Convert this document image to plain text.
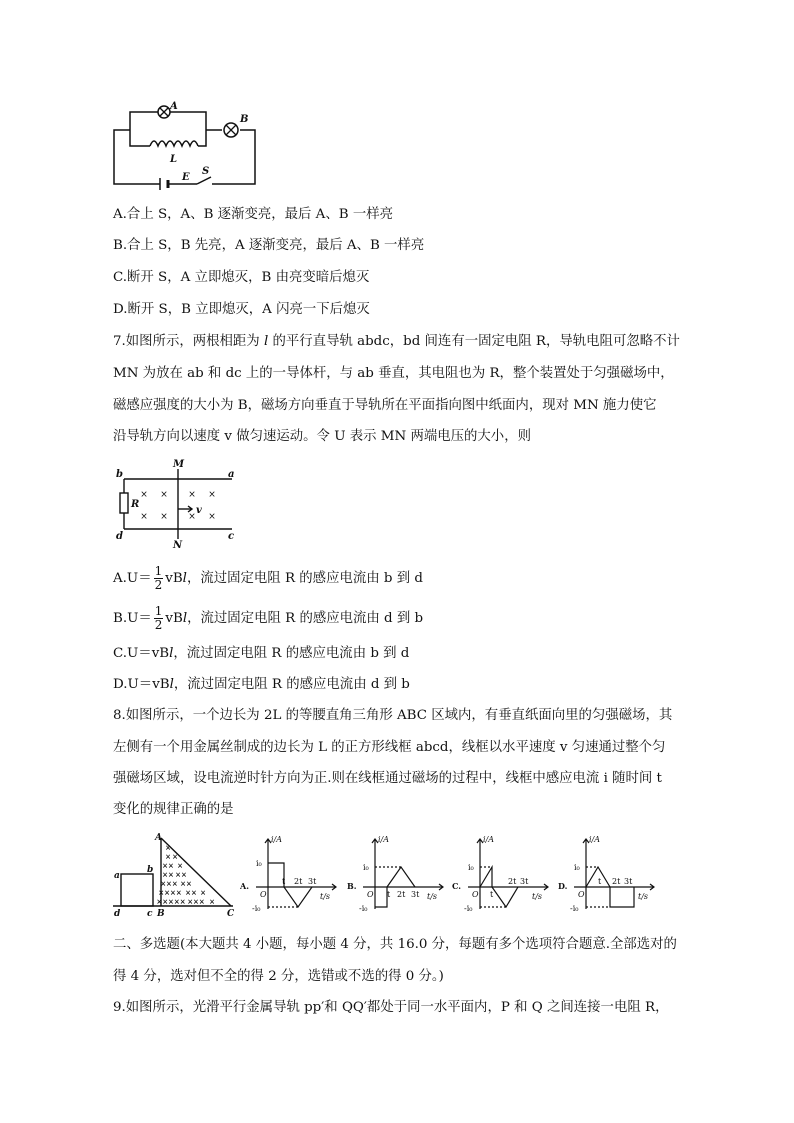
A
B
L
E
S
A.合上 S，A、B 逐渐变亮，最后 A、B 一样亮
B.合上 S，B 先亮，A 逐渐变亮，最后 A、B 一样亮
C.断开 S，A 立即熄灭，B 由亮变暗后熄灭
D.断开 S，B 立即熄灭，A 闪亮一下后熄灭
7.如图所示，两根相距为 l 的平行直导轨 abdc，bd 间连有一固定电阻 R，导轨电阻可忽略不计
MN 为放在 ab 和 dc 上的一导体杆，与 ab 垂直，其电阻也为 R，整个装置处于匀强磁场中，
磁感应强度的大小为 B，磁场方向垂直于导轨所在平面指向图中纸面内，现对 MN 施力使它
沿导轨方向以速度 v 做匀速运动。令 U 表示 MN 两端电压的大小，则
× × × ×
× × × ×
b	a
d	c
M
N
R
v
$A.U= \frac{1}{2}$ vBl，流过固定电阻 R 的感应电流由 b 到 d
$B.U= \frac{1}{2}$ vBl，流过固定电阻 R 的感应电流由 d 到 b
C.U＝vBl，流过固定电阻 R 的感应电流由 b 到 d
D.U＝vBl，流过固定电阻 R 的感应电流由 d 到 b
8.如图所示，一个边长为 2L 的等腰直角三角形 ABC 区域内，有垂直纸面向里的匀强磁场，其
左侧有一个用金属丝制成的边长为 L 的正方形线框 abcd，线框以水平速度 v 匀速通过整个匀
强磁场区域，设电流逆时针方向为正.则在线框通过磁场的过程中，线框中感应电流 i 随时间 t
变化的规律正确的是
×
× ×
×× ×
×× ××
××× ××
×××× ×× ×
××××× ××× ×
a
b
c
d
A
B	C
A.
i/A
t/s
O
i₀
-i₀
t 2t 3t	B.
i/A
t/s
O
i₀
-i₀
t 2t 3t
C.
i/A
t/s
O
i₀
-i₀
t
2t 3t	D.
i/A
t/s
O
i₀
-i₀
t 2t 3t
二、多选题(本大题共 4 小题，每小题 4 分，共 16.0 分，每题有多个选项符合题意.全部选对的
得 4 分，选对但不全的得 2 分，选错或不选的得 0 分。)
9.如图所示，光滑平行金属导轨 pp′和 QQ′都处于同一水平面内，P 和 Q 之间连接一电阻 R，
